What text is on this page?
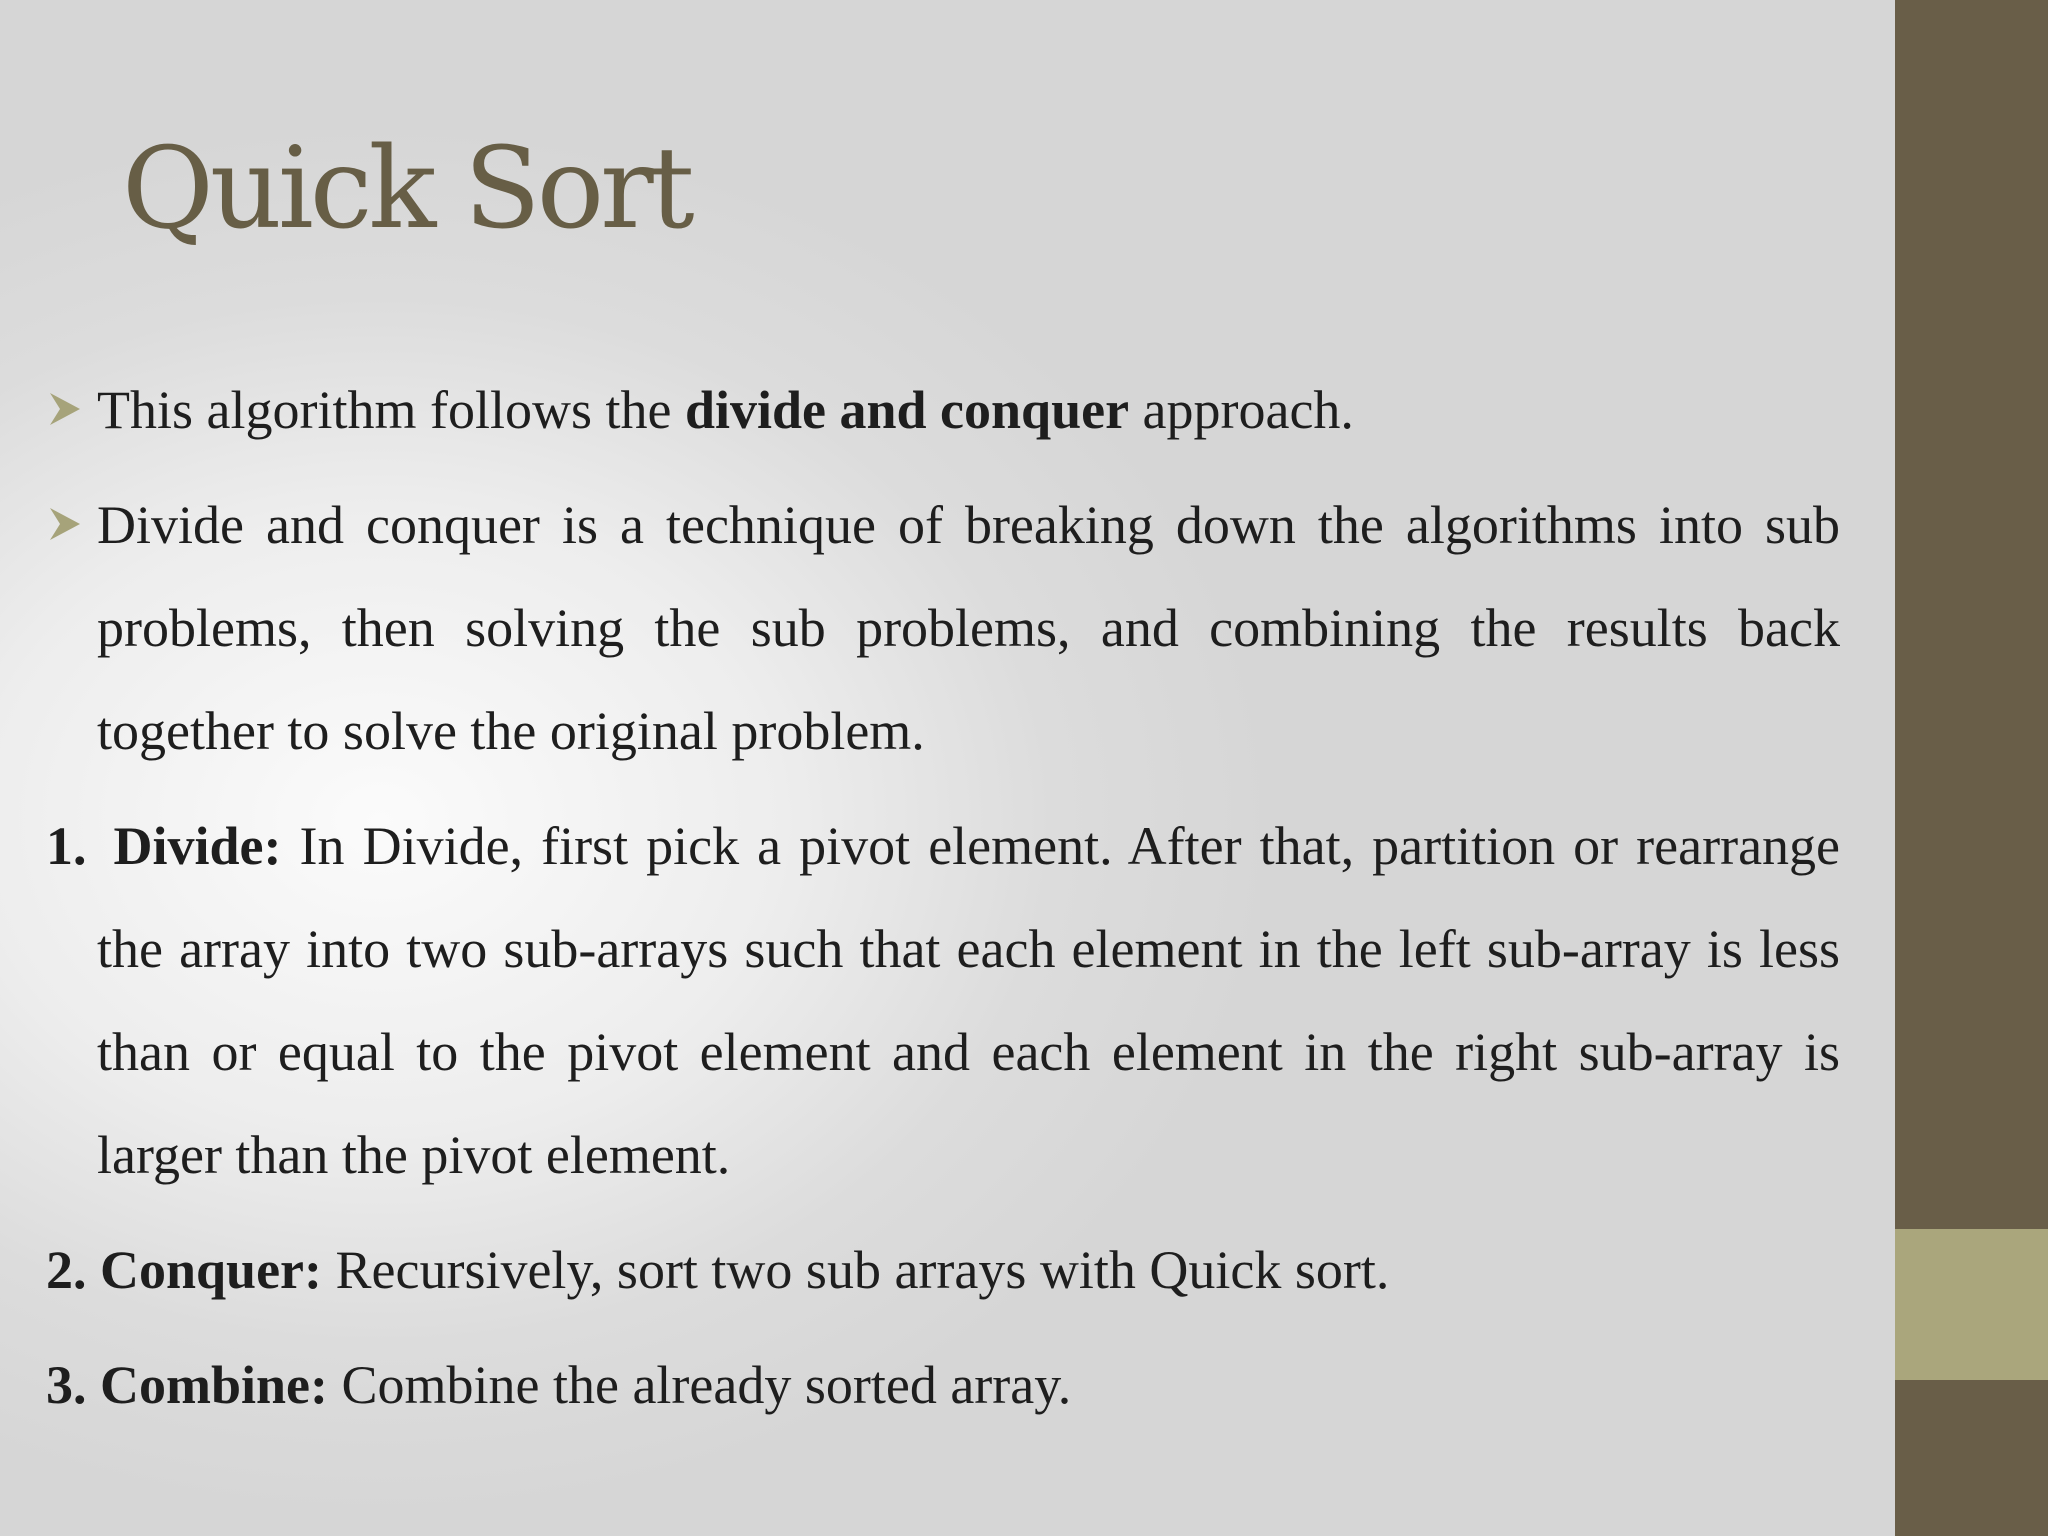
Quick Sort
This algorithm follows the divide and conquer approach.
Divide and conquer is a technique of breaking down the algorithms into sub problems, then solving the sub problems, and combining the results back together to solve the original problem.
1. Divide: In Divide, first pick a pivot element. After that, partition or rearrange the array into two sub-arrays such that each element in the left sub-array is less than or equal to the pivot element and each element in the right sub-array is larger than the pivot element.
2. Conquer: Recursively, sort two sub arrays with Quick sort.
3. Combine: Combine the already sorted array.
